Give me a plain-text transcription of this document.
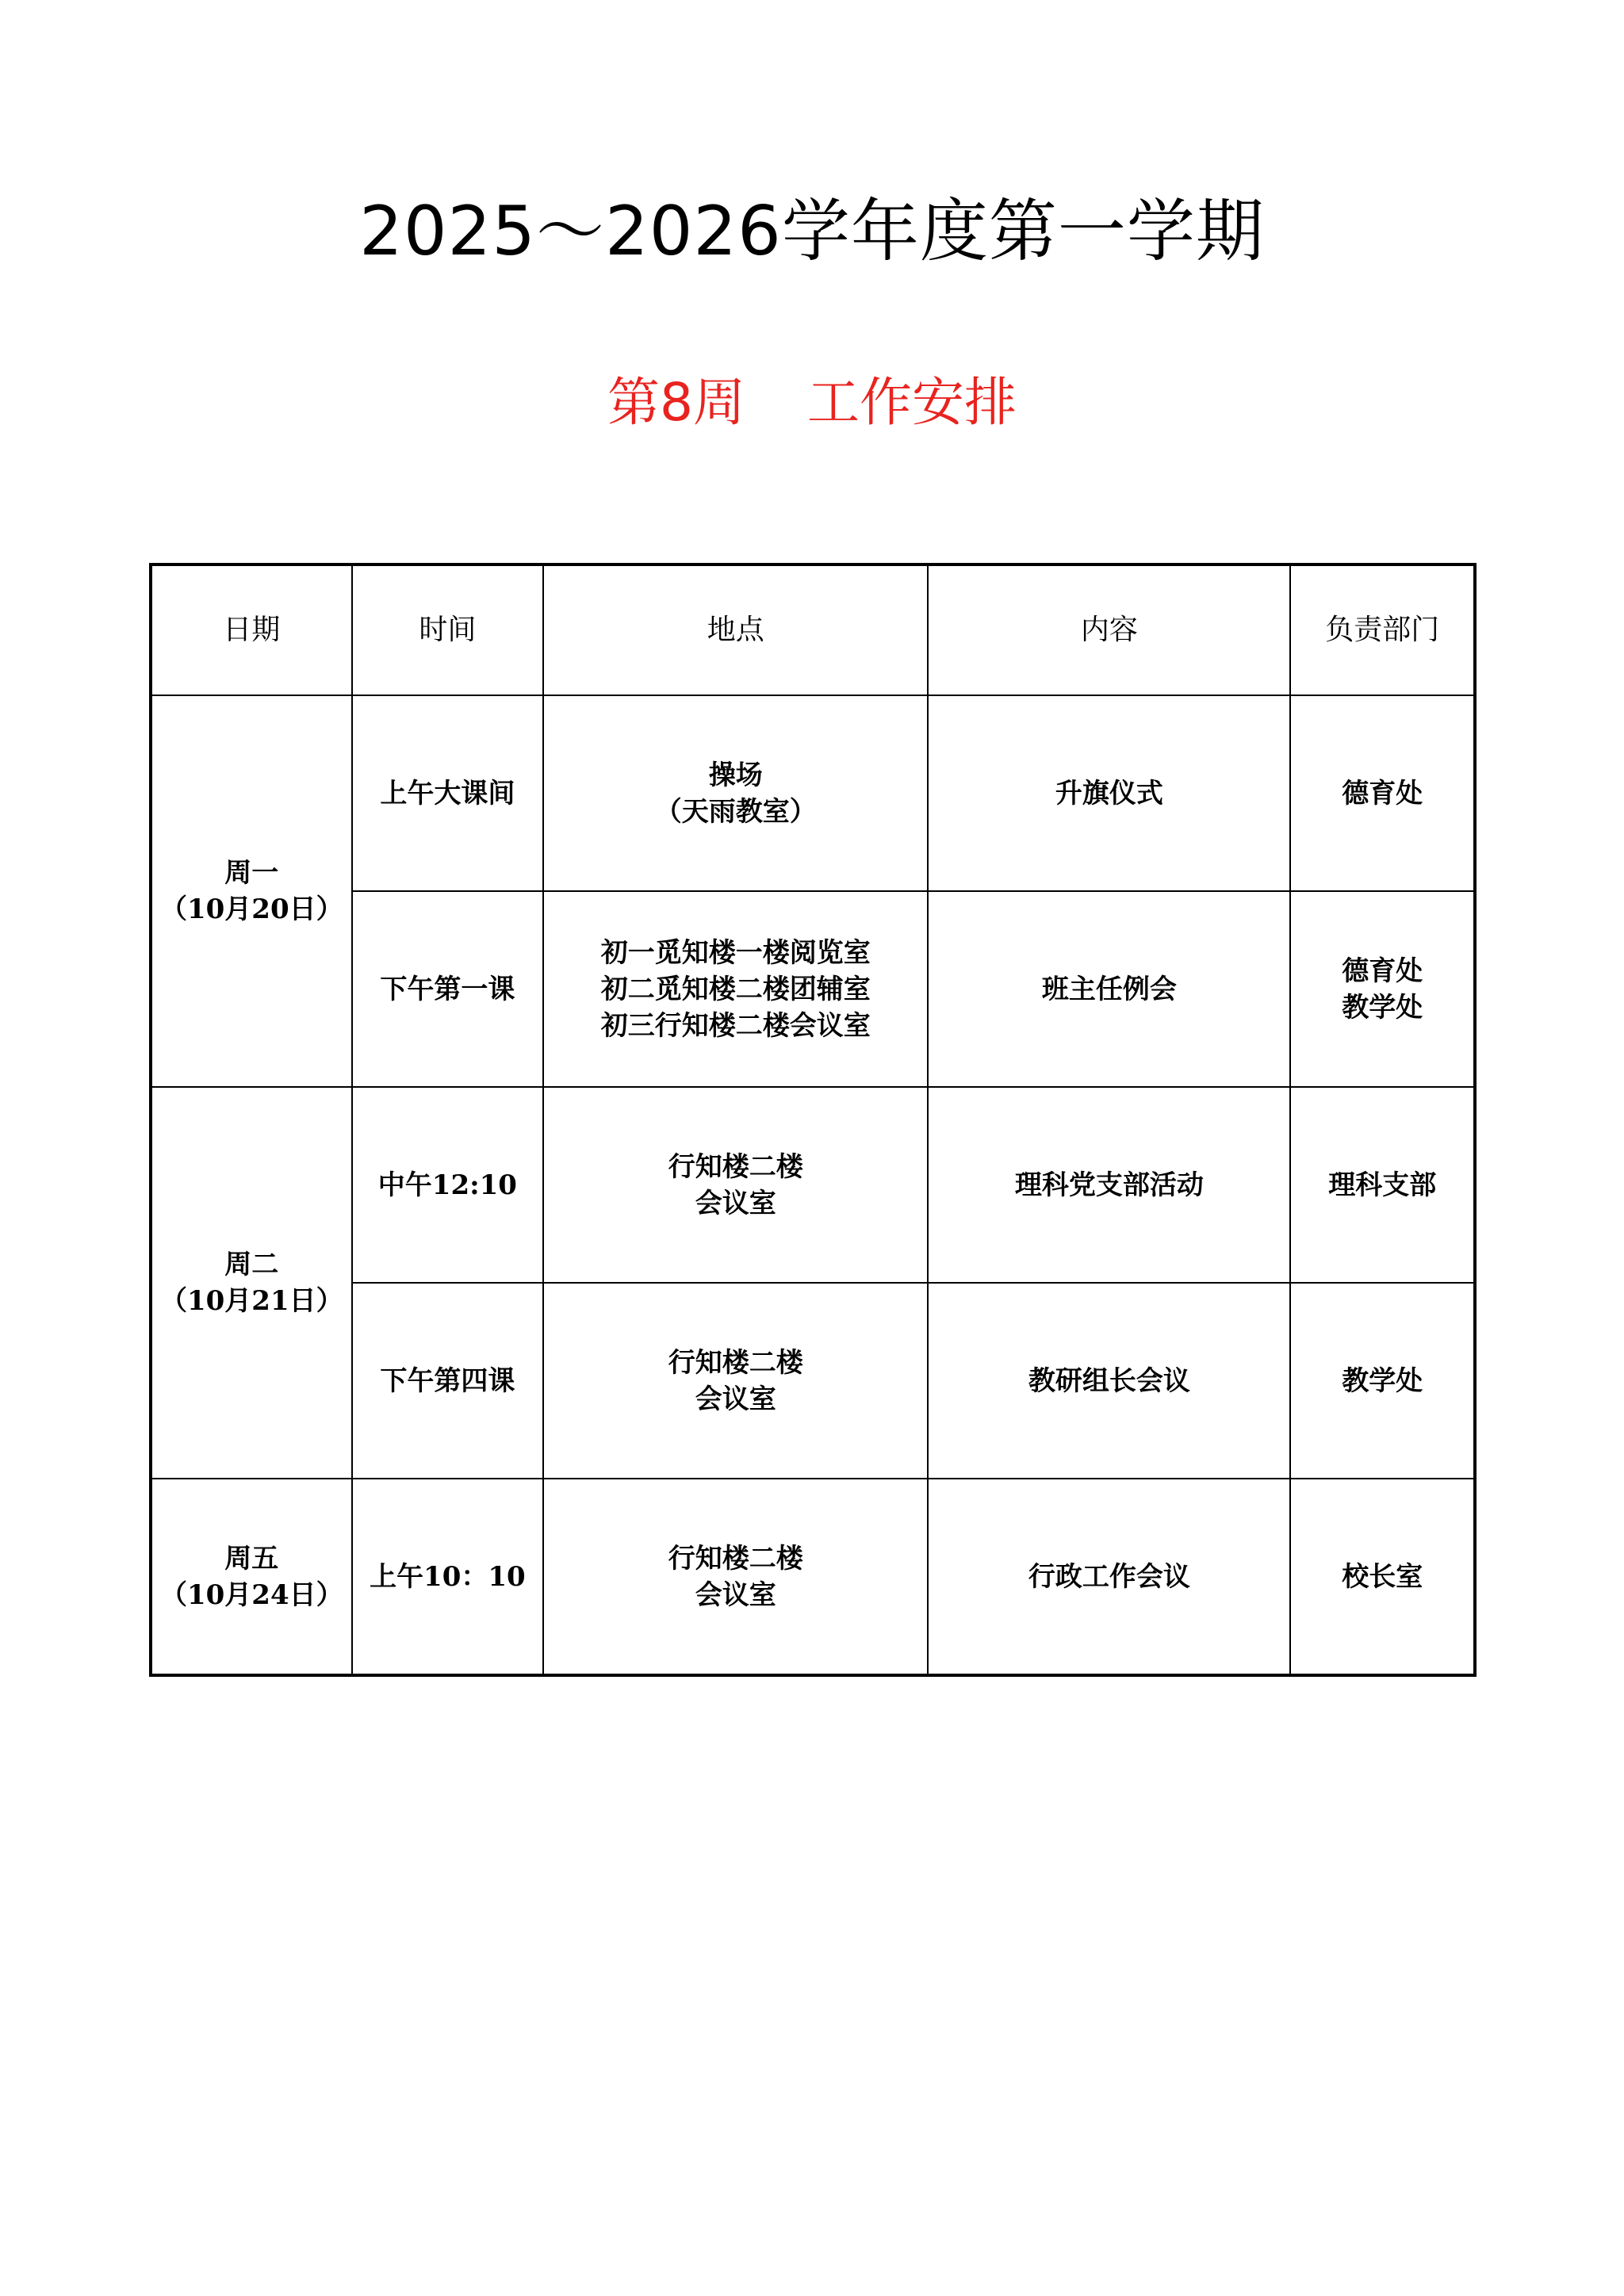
2025～2026学年度第一学期
第8周 工作安排
日期	时间	地点	内容	负责部门

周一
（10月20日）	上午大课间	操场
（天雨教室）	升旗仪式	德育处

	下午第一课	初一觅知楼一楼阅览室
初二觅知楼二楼团辅室
初三行知楼二楼会议室	班主任例会	德育处
教学处

周二
（10月21日）	中午12:10	行知楼二楼
会议室	理科党支部活动	理科支部

	下午第四课	行知楼二楼
会议室	教研组长会议	教学处

周五
（10月24日）	上午10：10	行知楼二楼
会议室	行政工作会议	校长室
